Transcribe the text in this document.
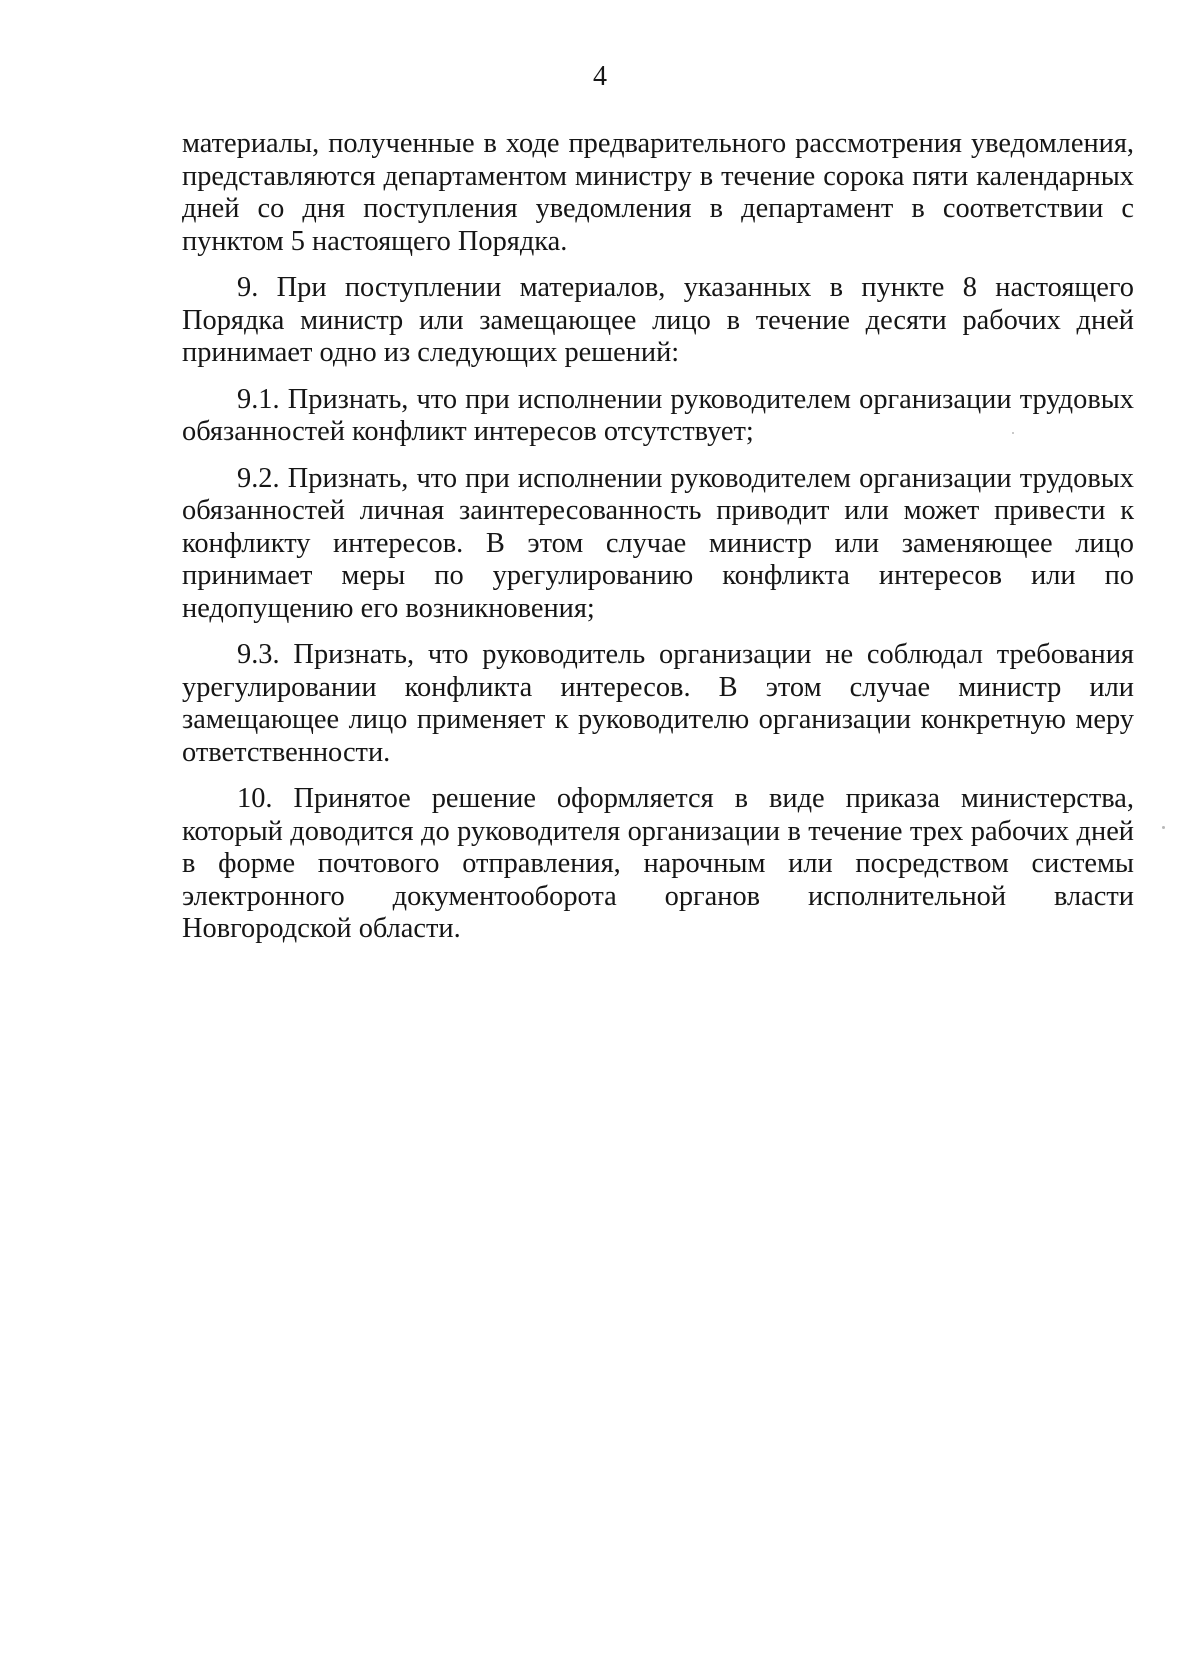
4

материалы, полученные в ходе предварительного рассмотрения уведомления, представляются департаментом министру в течение сорока пяти календарных дней со дня поступления уведомления в департамент в соответствии с пунктом 5 настоящего Порядка.

9. При поступлении материалов, указанных в пункте 8 настоящего Порядка министр или замещающее лицо в течение десяти рабочих дней принимает одно из следующих решений:

9.1. Признать, что при исполнении руководителем организации трудовых обязанностей конфликт интересов отсутствует;

9.2. Признать, что при исполнении руководителем организации трудовых обязанностей личная заинтересованность приводит или может привести к конфликту интересов. В этом случае министр или заменяющее лицо принимает меры по урегулированию конфликта интересов или по недопущению его возникновения;

9.3. Признать, что руководитель организации не соблюдал требования урегулировании конфликта интересов. В этом случае министр или замещающее лицо применяет к руководителю организации конкретную меру ответственности.

10. Принятое решение оформляется в виде приказа министерства, который доводится до руководителя организации в течение трех рабочих дней в форме почтового отправления, нарочным или посредством системы электронного документооборота органов исполнительной власти Новгородской области.
